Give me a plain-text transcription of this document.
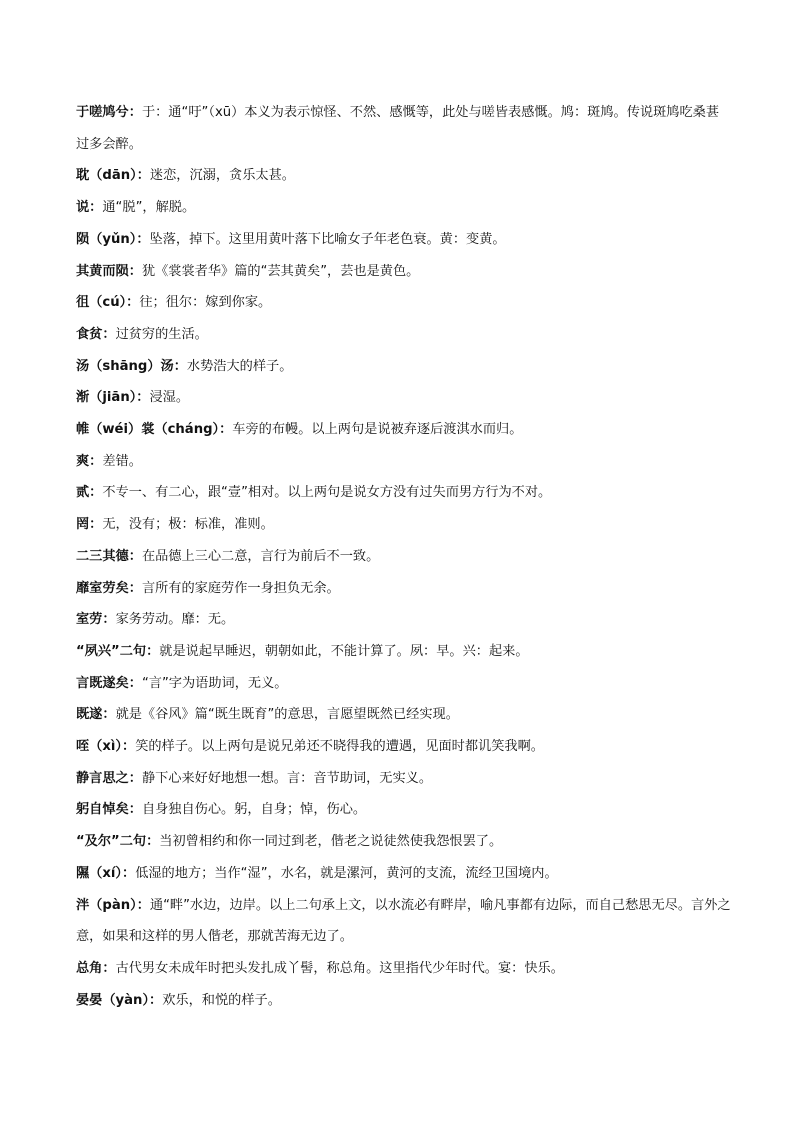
于嗟鸠兮：于：通“吁”（xū）本义为表示惊怪、不然、感慨等，此处与嗟皆表感慨。鸠：斑鸠。传说斑鸠吃桑葚过多会醉。

耽（dān）：迷恋，沉溺，贪乐太甚。

说：通“脱”，解脱。

陨（yǔn）：坠落，掉下。这里用黄叶落下比喻女子年老色衰。黄：变黄。

其黄而陨：犹《裳裳者华》篇的“芸其黄矣”，芸也是黄色。

徂（cú）：往；徂尔：嫁到你家。

食贫：过贫穷的生活。

汤（shāng）汤：水势浩大的样子。

渐（jiān）：浸湿。

帷（wéi）裳（cháng）：车旁的布幔。以上两句是说被弃逐后渡淇水而归。

爽：差错。

贰：不专一、有二心，跟“壹”相对。以上两句是说女方没有过失而男方行为不对。

罔：无，没有；极：标准，准则。

二三其德：在品德上三心二意，言行为前后不一致。

靡室劳矣：言所有的家庭劳作一身担负无余。

室劳：家务劳动。靡：无。

“夙兴”二句：就是说起早睡迟，朝朝如此，不能计算了。夙：早。兴：起来。

言既遂矣：“言”字为语助词，无义。

既遂：就是《谷风》篇“既生既育”的意思，言愿望既然已经实现。

咥（xì）：笑的样子。以上两句是说兄弟还不晓得我的遭遇，见面时都讥笑我啊。

静言思之：静下心来好好地想一想。言：音节助词，无实义。

躬自悼矣：自身独自伤心。躬，自身；悼，伤心。

“及尔”二句：当初曾相约和你一同过到老，偕老之说徒然使我怨恨罢了。

隰（xí）：低湿的地方；当作“湿”，水名，就是漯河，黄河的支流，流经卫国境内。

泮（pàn）：通“畔”水边，边岸。以上二句承上文，以水流必有畔岸，喻凡事都有边际，而自己愁思无尽。言外之意，如果和这样的男人偕老，那就苦海无边了。

总角：古代男女未成年时把头发扎成丫髻，称总角。这里指代少年时代。宴：快乐。

晏晏（yàn）：欢乐，和悦的样子。
